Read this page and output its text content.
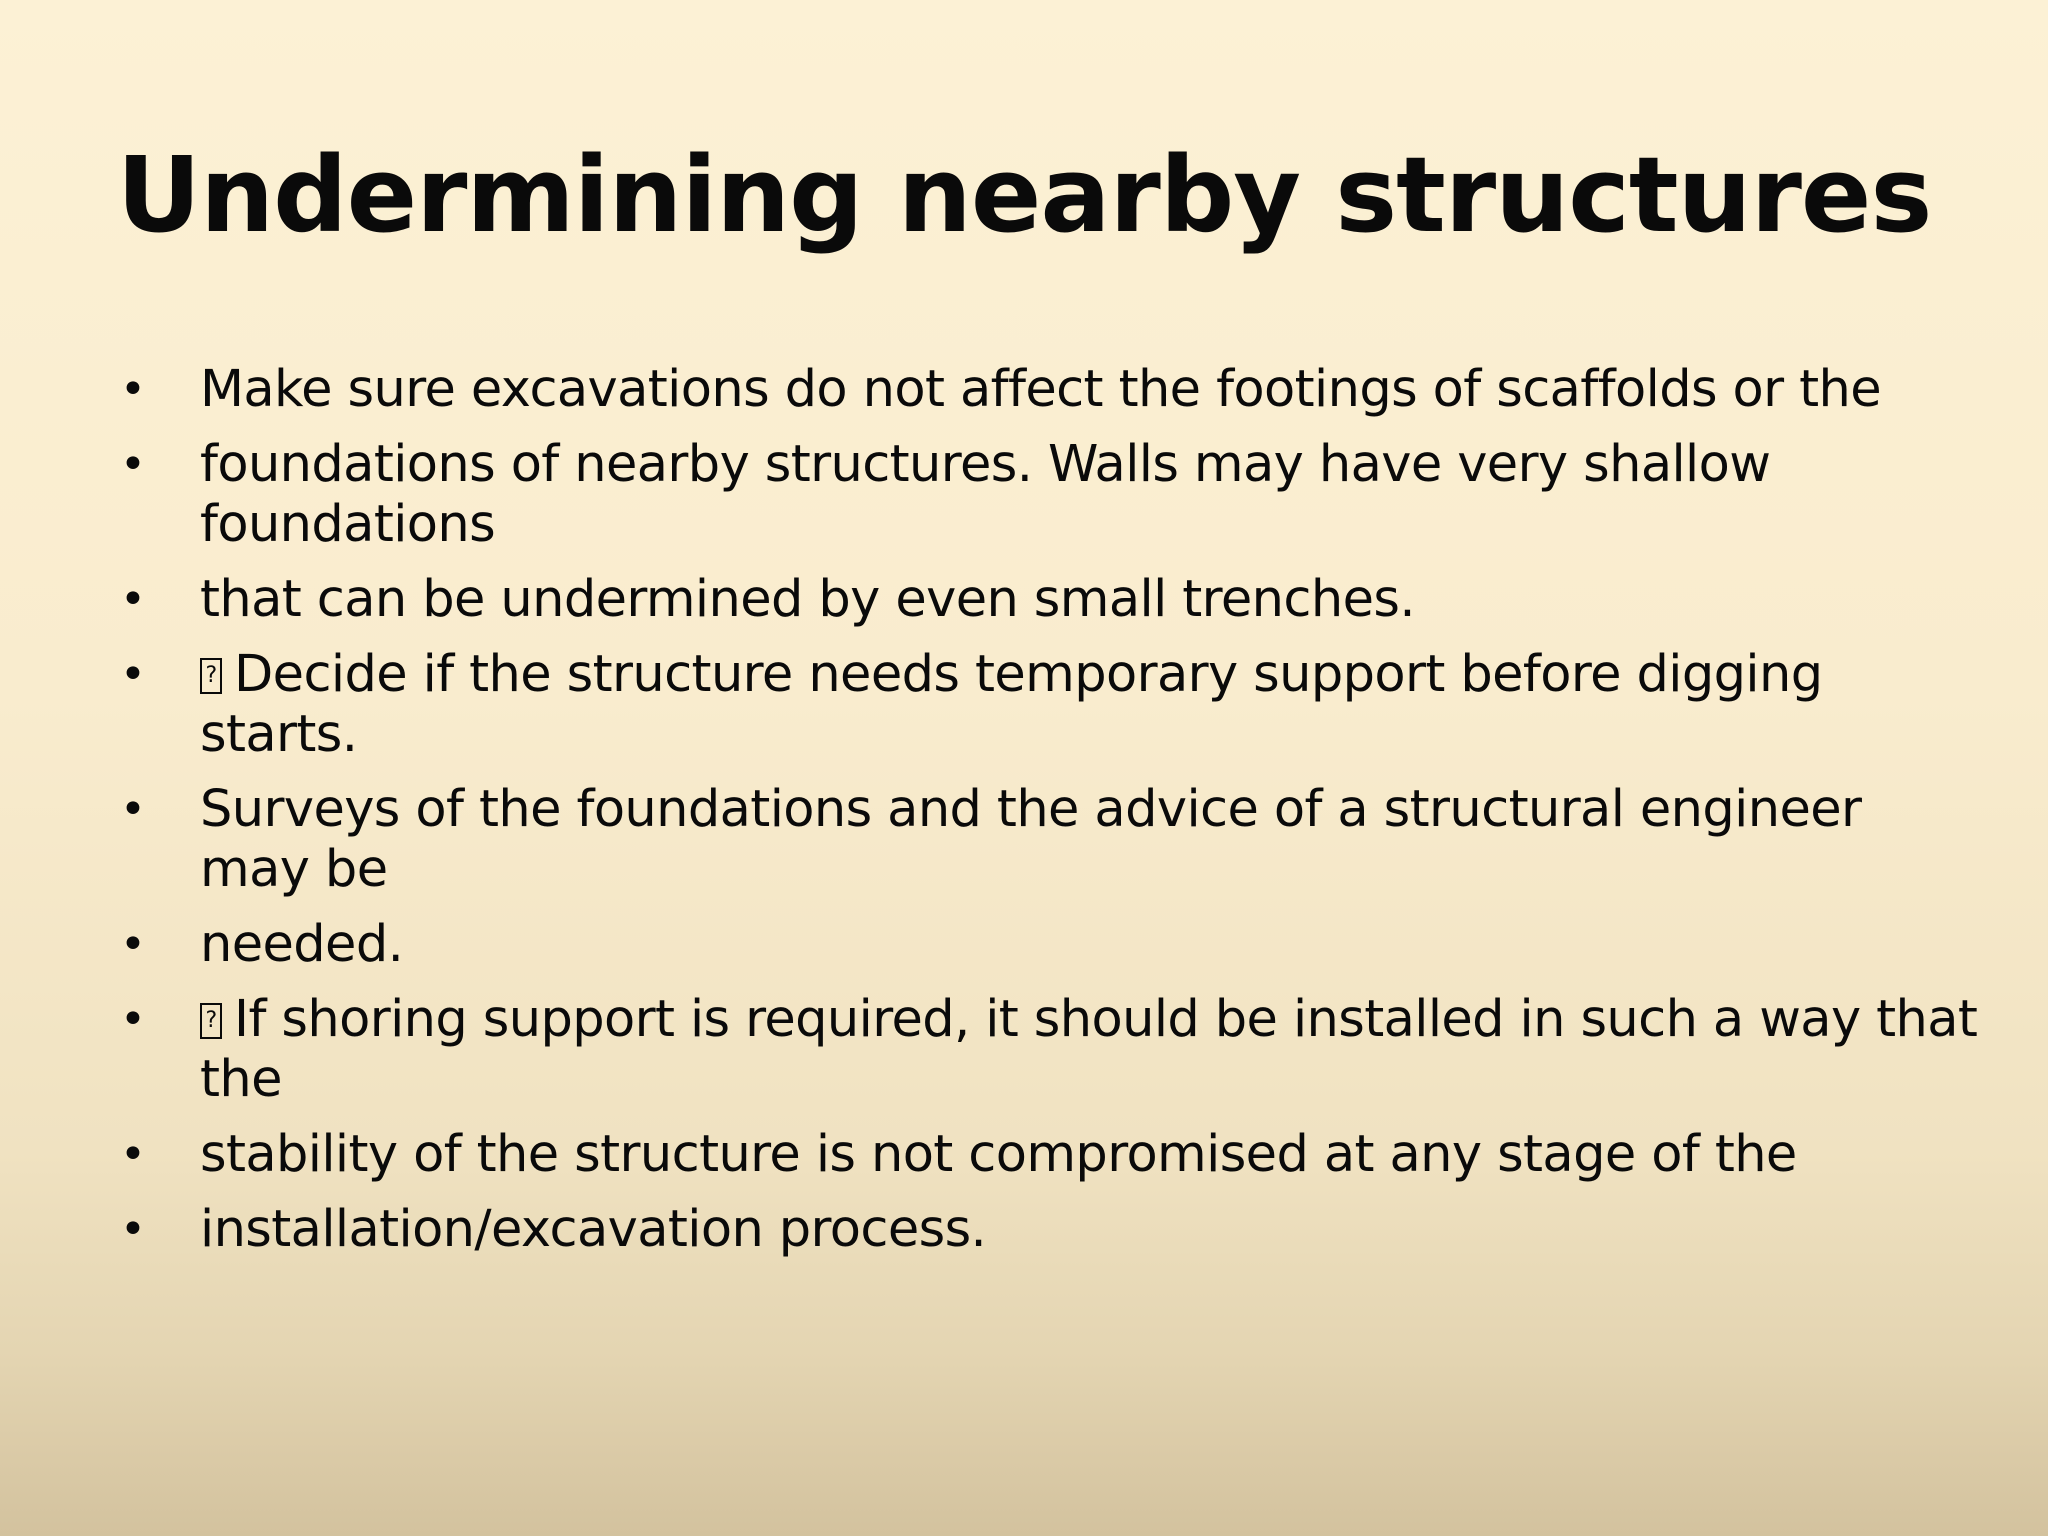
Undermining nearby structures
• Make sure excavations do not affect the footings of scaffolds or the
• foundations of nearby structures. Walls may have very shallow foundations
• that can be undermined by even small trenches.
• ? Decide if the structure needs temporary support before digging starts.
• Surveys of the foundations and the advice of a structural engineer may be
• needed.
• ? If shoring support is required, it should be installed in such a way that the
• stability of the structure is not compromised at any stage of the
• installation/excavation process.
